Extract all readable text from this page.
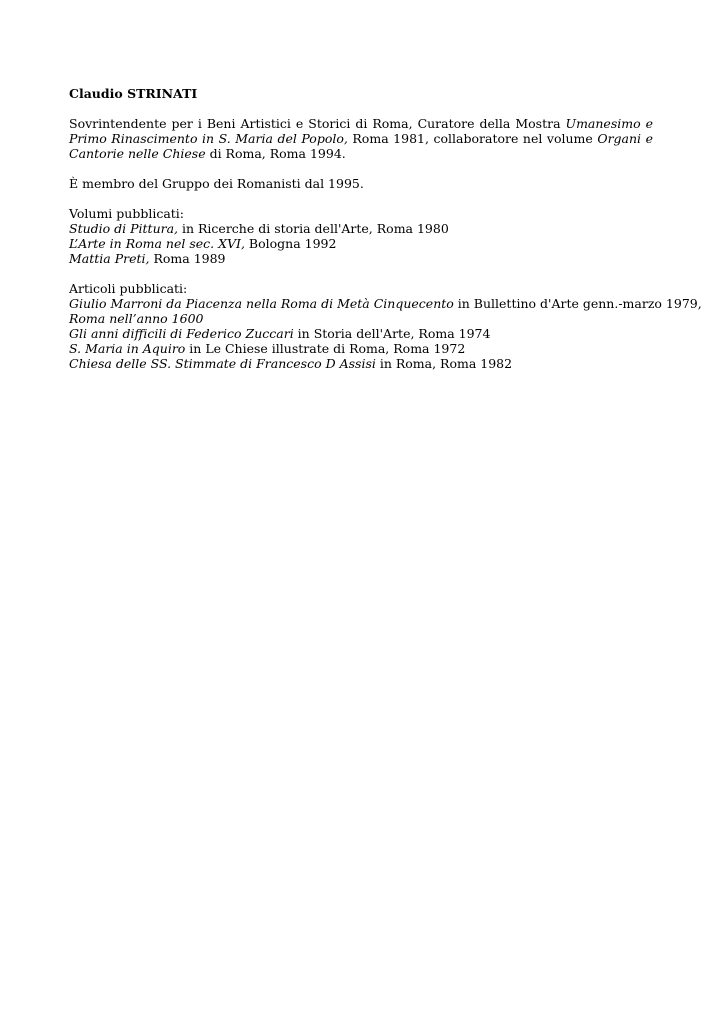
Claudio STRINATI
Sovrintendente per i Beni Artistici e Storici di Roma, Curatore della Mostra Umanesimo e Primo Rinascimento in S. Maria del Popolo, Roma 1981, collaboratore nel volume Organi e Cantorie nelle Chiese di Roma, Roma 1994.
È membro del Gruppo dei Romanisti dal 1995.
Volumi pubblicati:
Studio di Pittura, in Ricerche di storia dell'Arte, Roma 1980
L’Arte in Roma nel sec. XVI, Bologna 1992
Mattia Preti, Roma 1989
Articoli pubblicati:
Giulio Marroni da Piacenza nella Roma di Metà Cinquecento in Bullettino d'Arte genn.-marzo 1979,
Roma nell’anno 1600
Gli anni difficili di Federico Zuccari in Storia dell'Arte, Roma 1974
S. Maria in Aquiro in Le Chiese illustrate di Roma, Roma 1972
Chiesa delle SS. Stimmate di Francesco D Assisi in Roma, Roma 1982
